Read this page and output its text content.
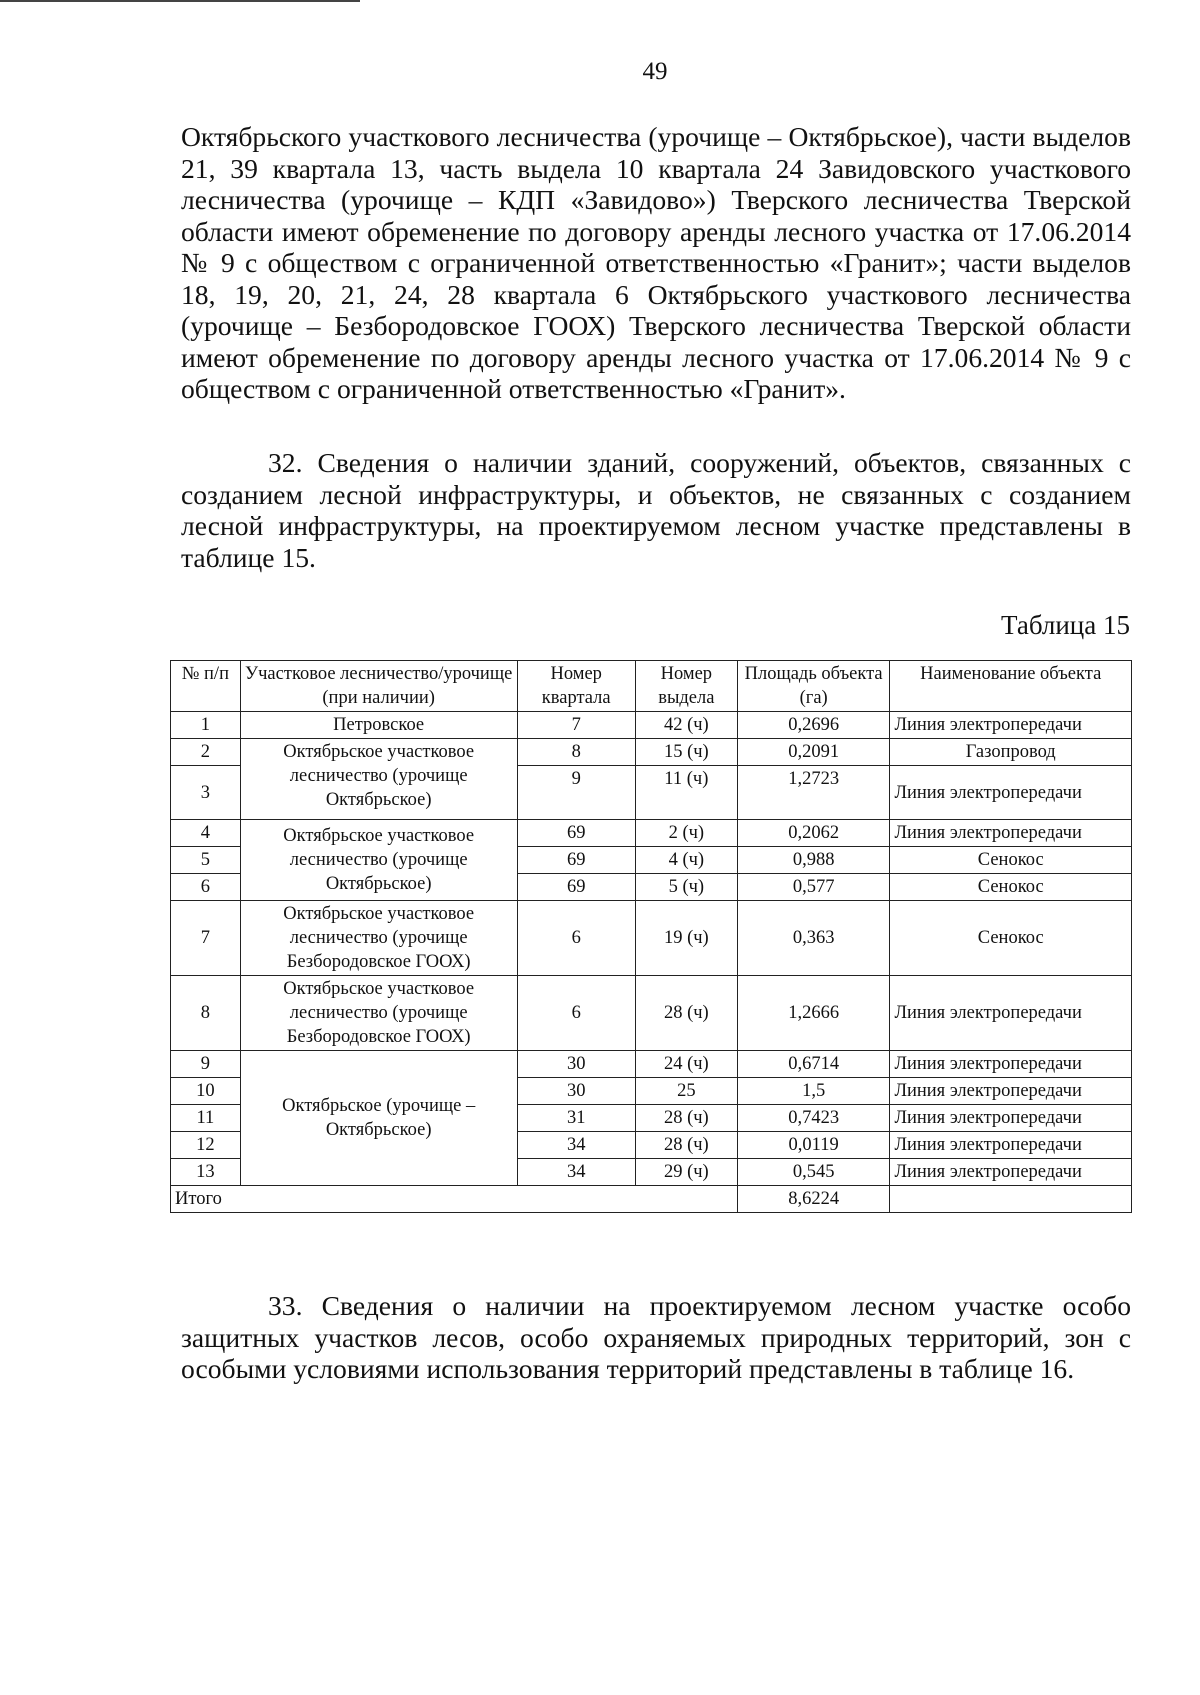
49
Октябрьского участкового лесничества (урочище – Октябрьское), части выделов 21, 39 квартала 13, часть выдела 10 квартала 24 Завидовского участкового лесничества (урочище – КДП «Завидово») Тверского лесничества Тверской области имеют обременение по договору аренды лесного участка от 17.06.2014 № 9 с обществом с ограниченной ответственностью «Гранит»; части выделов 18, 19, 20, 21, 24, 28 квартала 6 Октябрьского участкового лесничества (урочище – Безбородовское ГООХ) Тверского лесничества Тверской области имеют обременение по договору аренды лесного участка от 17.06.2014 № 9 с обществом с ограниченной ответственностью «Гранит».
32. Сведения о наличии зданий, сооружений, объектов, связанных с созданием лесной инфраструктуры, и объектов, не связанных с созданием лесной инфраструктуры, на проектируемом лесном участке представлены в таблице 15.
Таблица 15
№ п/п	Участковое лесничество/урочище (при наличии)	Номер квартала	Номер выдела	Площадь объекта (га)	Наименование объекта
1	Петровское	7	42 (ч)	0,2696	Линия электропередачи
2	Октябрьское участковое лесничество (урочище Октябрьское)	8	15 (ч)	0,2091	Газопровод
3		9	11 (ч)	1,2723	Линия электропередачи
4	Октябрьское участковое лесничество (урочище Октябрьское)	69	2 (ч)	0,2062	Линия электропередачи
5		69	4 (ч)	0,988	Сенокос
6		69	5 (ч)	0,577	Сенокос
7	Октябрьское участковое лесничество (урочище Безбородовское ГООХ)	6	19 (ч)	0,363	Сенокос
8	Октябрьское участковое лесничество (урочище Безбородовское ГООХ)	6	28 (ч)	1,2666	Линия электропередачи
9	Октябрьское (урочище – Октябрьское)	30	24 (ч)	0,6714	Линия электропередачи
10		30	25	1,5	Линия электропередачи
11		31	28 (ч)	0,7423	Линия электропередачи
12		34	28 (ч)	0,0119	Линия электропередачи
13		34	29 (ч)	0,545	Линия электропередачи
Итого				8,6224	
33. Сведения о наличии на проектируемом лесном участке особо защитных участков лесов, особо охраняемых природных территорий, зон с особыми условиями использования территорий представлены в таблице 16.
